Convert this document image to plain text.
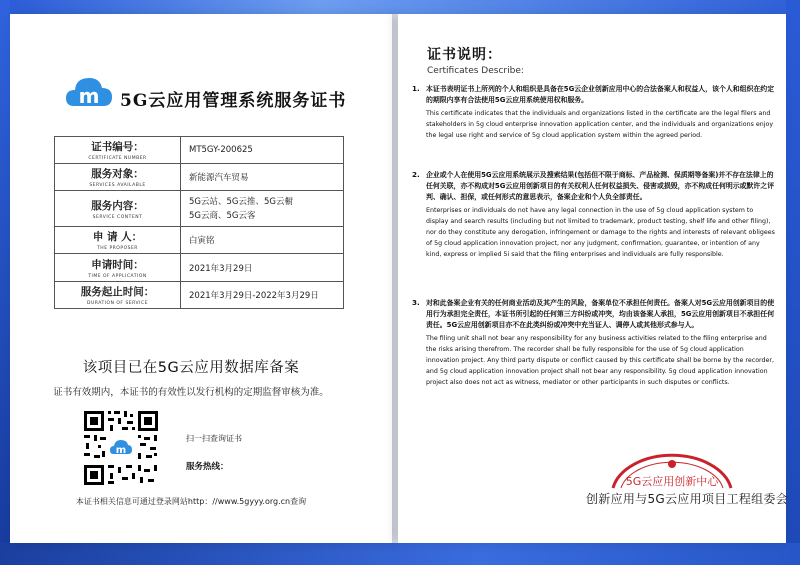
m 5G云应用管理系统服务证书
证书编号：
CERTIFICATE NUMBER	MT5GY-200625

服务对象：
SERVICES AVAILABLE	新能源汽车贸易

服务内容：
SERVICE CONTENT	5G云站、5G云推、5G云橱
5G云商、5G云客

申 请 人：
THE PROPOSER	白寅铭

申请时间：
TIME OF APPLICATION	2021年3月29日

服务起止时间：
DURATION OF SERVICE	2021年3月29日-2022年3月29日
该项目已在5G云应用数据库备案
证书有效期内，本证书的有效性以发行机构的定期监督审核为准。
m
扫一扫查询证书
服务热线：
本证书相关信息可通过登录网站http：//www.5gyyy.org.cn查询
证书说明：
Certificates Describe:
1. 本证书表明证书上所列的个人和组织是具备在5G云企业创新应用中心的合法备案人和权益人，该个人和组织在约定的期限内享有合法使用5G云应用系统使用权和服务。
This certificate indicates that the individuals and organizations listed in the certificate are the legal filers and stakeholders in 5g cloud enterprise innovation application center, and the individuals and organizations enjoy the legal use right and service of 5g cloud application system within the agreed period.
2. 企业或个人在使用5G云应用系统展示及搜索结果(包括但不限于商标、产品检测、保质期等备案)并不存在法律上的任何关联，亦不构成对5G云应用创新项目的有关权利人任何权益损失、侵害或损毁，亦不构成任何明示或默许之评判、确认、担保，或任何形式的意思表示，备案企业和个人负全部责任。
Enterprises or individuals do not have any legal connection in the use of 5g cloud application system to display and search results (including but not limited to trademark, product testing, shelf life and other filing), nor do they constitute any derogation, infringement or damage to the rights and interests of relevant obligees of 5g cloud application innovation project, nor any judgment, confirmation, guarantee, or intention of any kind, express or implied 5i said that the filing enterprises and individuals are fully responsible.
3. 对和此备案企业有关的任何商业活动及其产生的风险，备案单位不承担任何责任。备案人对5G云应用创新项目的使用行为承担完全责任，本证书所引起的任何第三方纠纷或冲突，均由该备案人承担，5G云应用创新项目不承担任何责任。5G云应用创新项目亦不在此类纠纷或冲突中充当证人、调停人或其他形式参与人。
The filing unit shall not bear any responsibility for any business activities related to the filing enterprise and the risks arising therefrom. The recorder shall be fully responsible for the use of 5g cloud application innovation project. Any third party dispute or conflict caused by this certificate shall be borne by the recorder, and 5g cloud application innovation project shall not bear any responsibility. 5g cloud application innovation project also does not act as witness, mediator or other participants in such disputes or conflicts.
5G云应用创新中心
创新应用与5G云应用项目工程组委会
